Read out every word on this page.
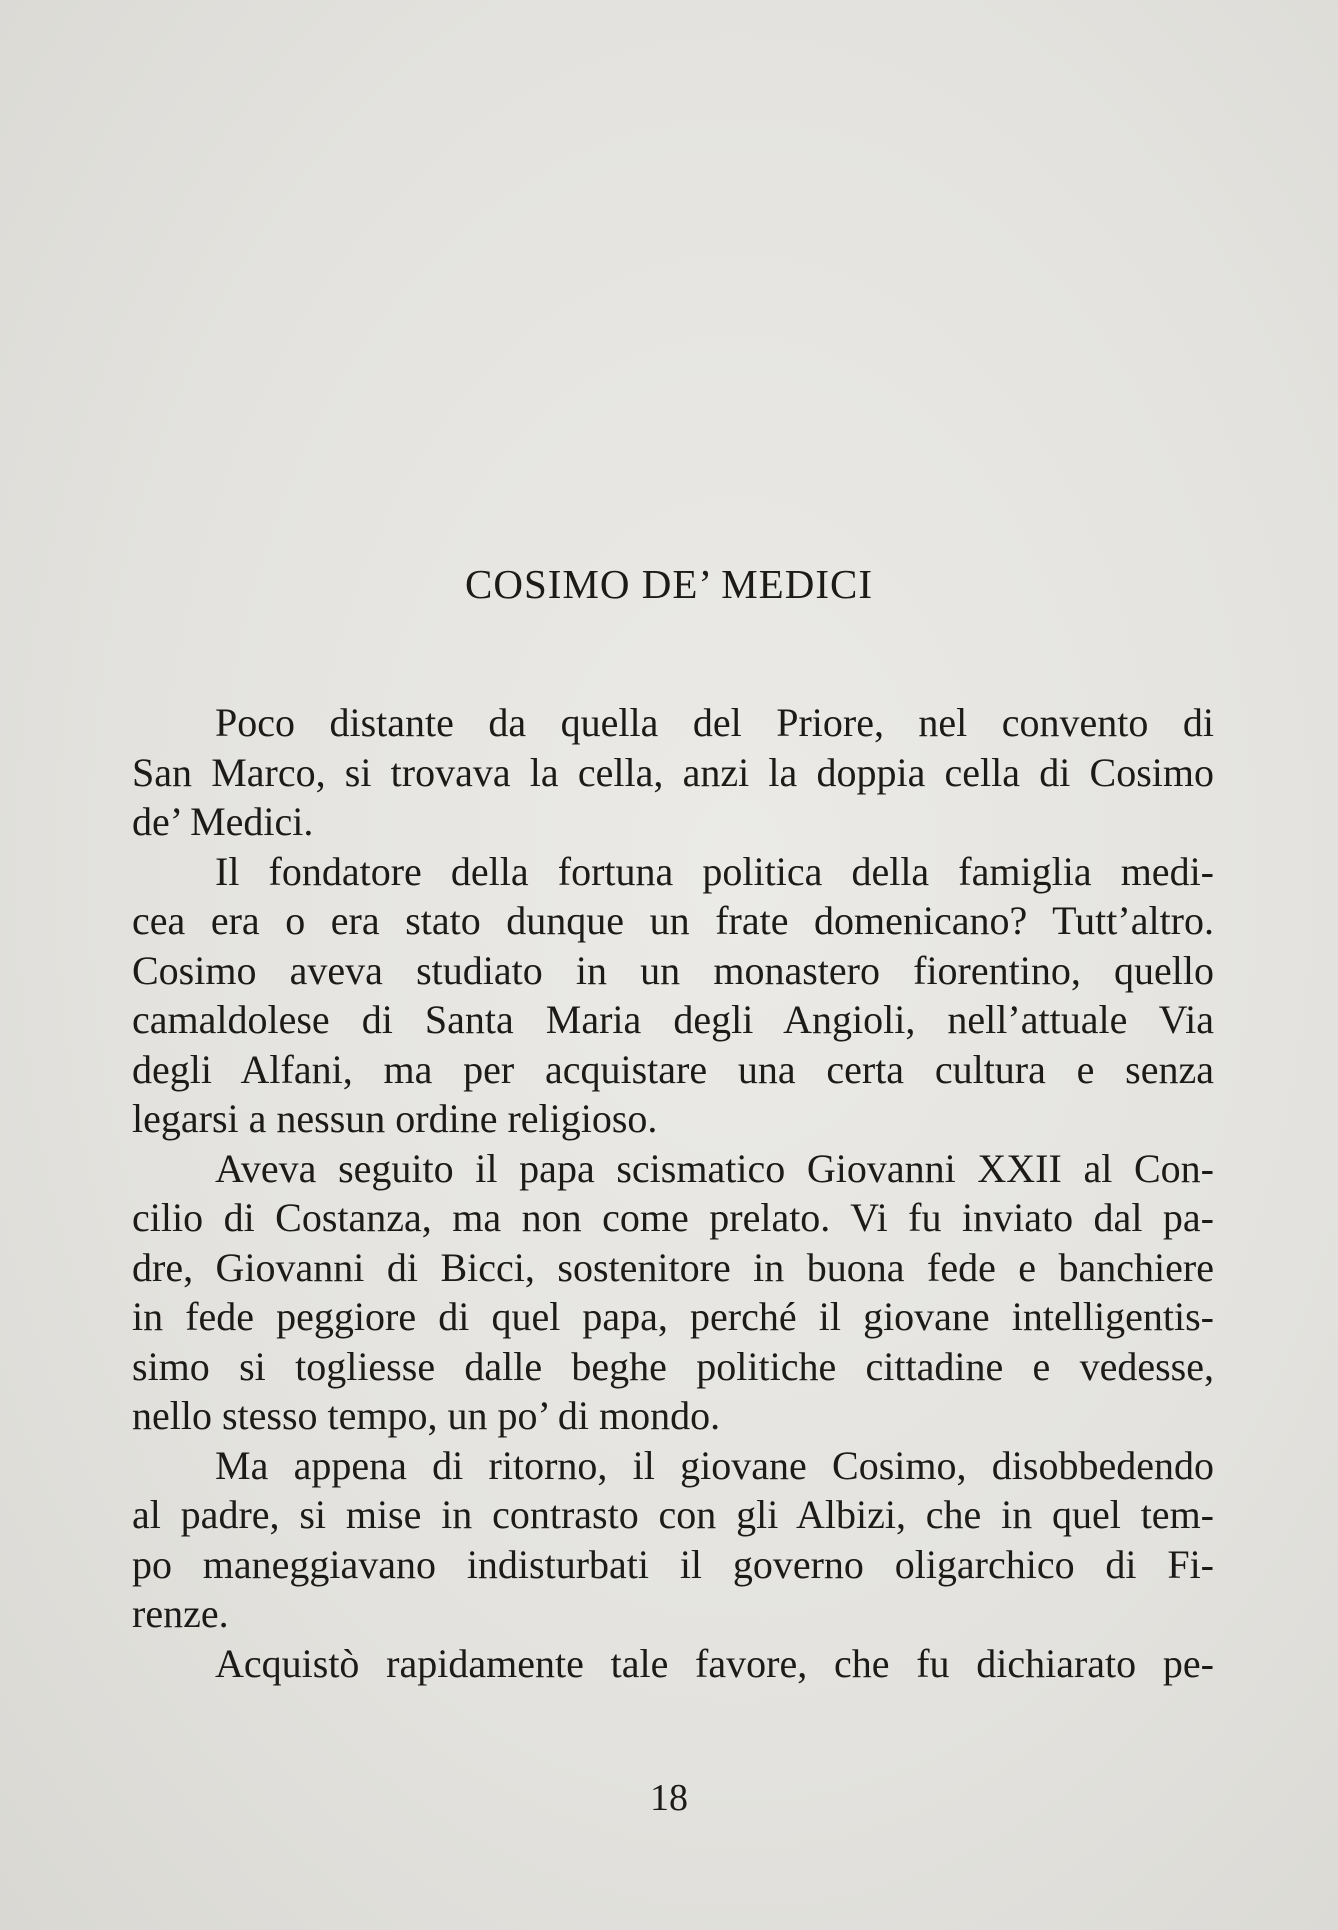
COSIMO DE’ MEDICI
Poco distante da quella del Priore, nel convento di
San Marco, si trovava la cella, anzi la doppia cella di Cosimo
de’ Medici.
Il fondatore della fortuna politica della famiglia medi-
cea era o era stato dunque un frate domenicano? Tutt’altro.
Cosimo aveva studiato in un monastero fiorentino, quello
camaldolese di Santa Maria degli Angioli, nell’attuale Via
degli Alfani, ma per acquistare una certa cultura e senza
legarsi a nessun ordine religioso.
Aveva seguito il papa scismatico Giovanni XXII al Con-
cilio di Costanza, ma non come prelato. Vi fu inviato dal pa-
dre, Giovanni di Bicci, sostenitore in buona fede e banchiere
in fede peggiore di quel papa, perché il giovane intelligentis-
simo si togliesse dalle beghe politiche cittadine e vedesse,
nello stesso tempo, un po’ di mondo.
Ma appena di ritorno, il giovane Cosimo, disobbedendo
al padre, si mise in contrasto con gli Albizi, che in quel tem-
po maneggiavano indisturbati il governo oligarchico di Fi-
renze.
Acquistò rapidamente tale favore, che fu dichiarato pe-
18
